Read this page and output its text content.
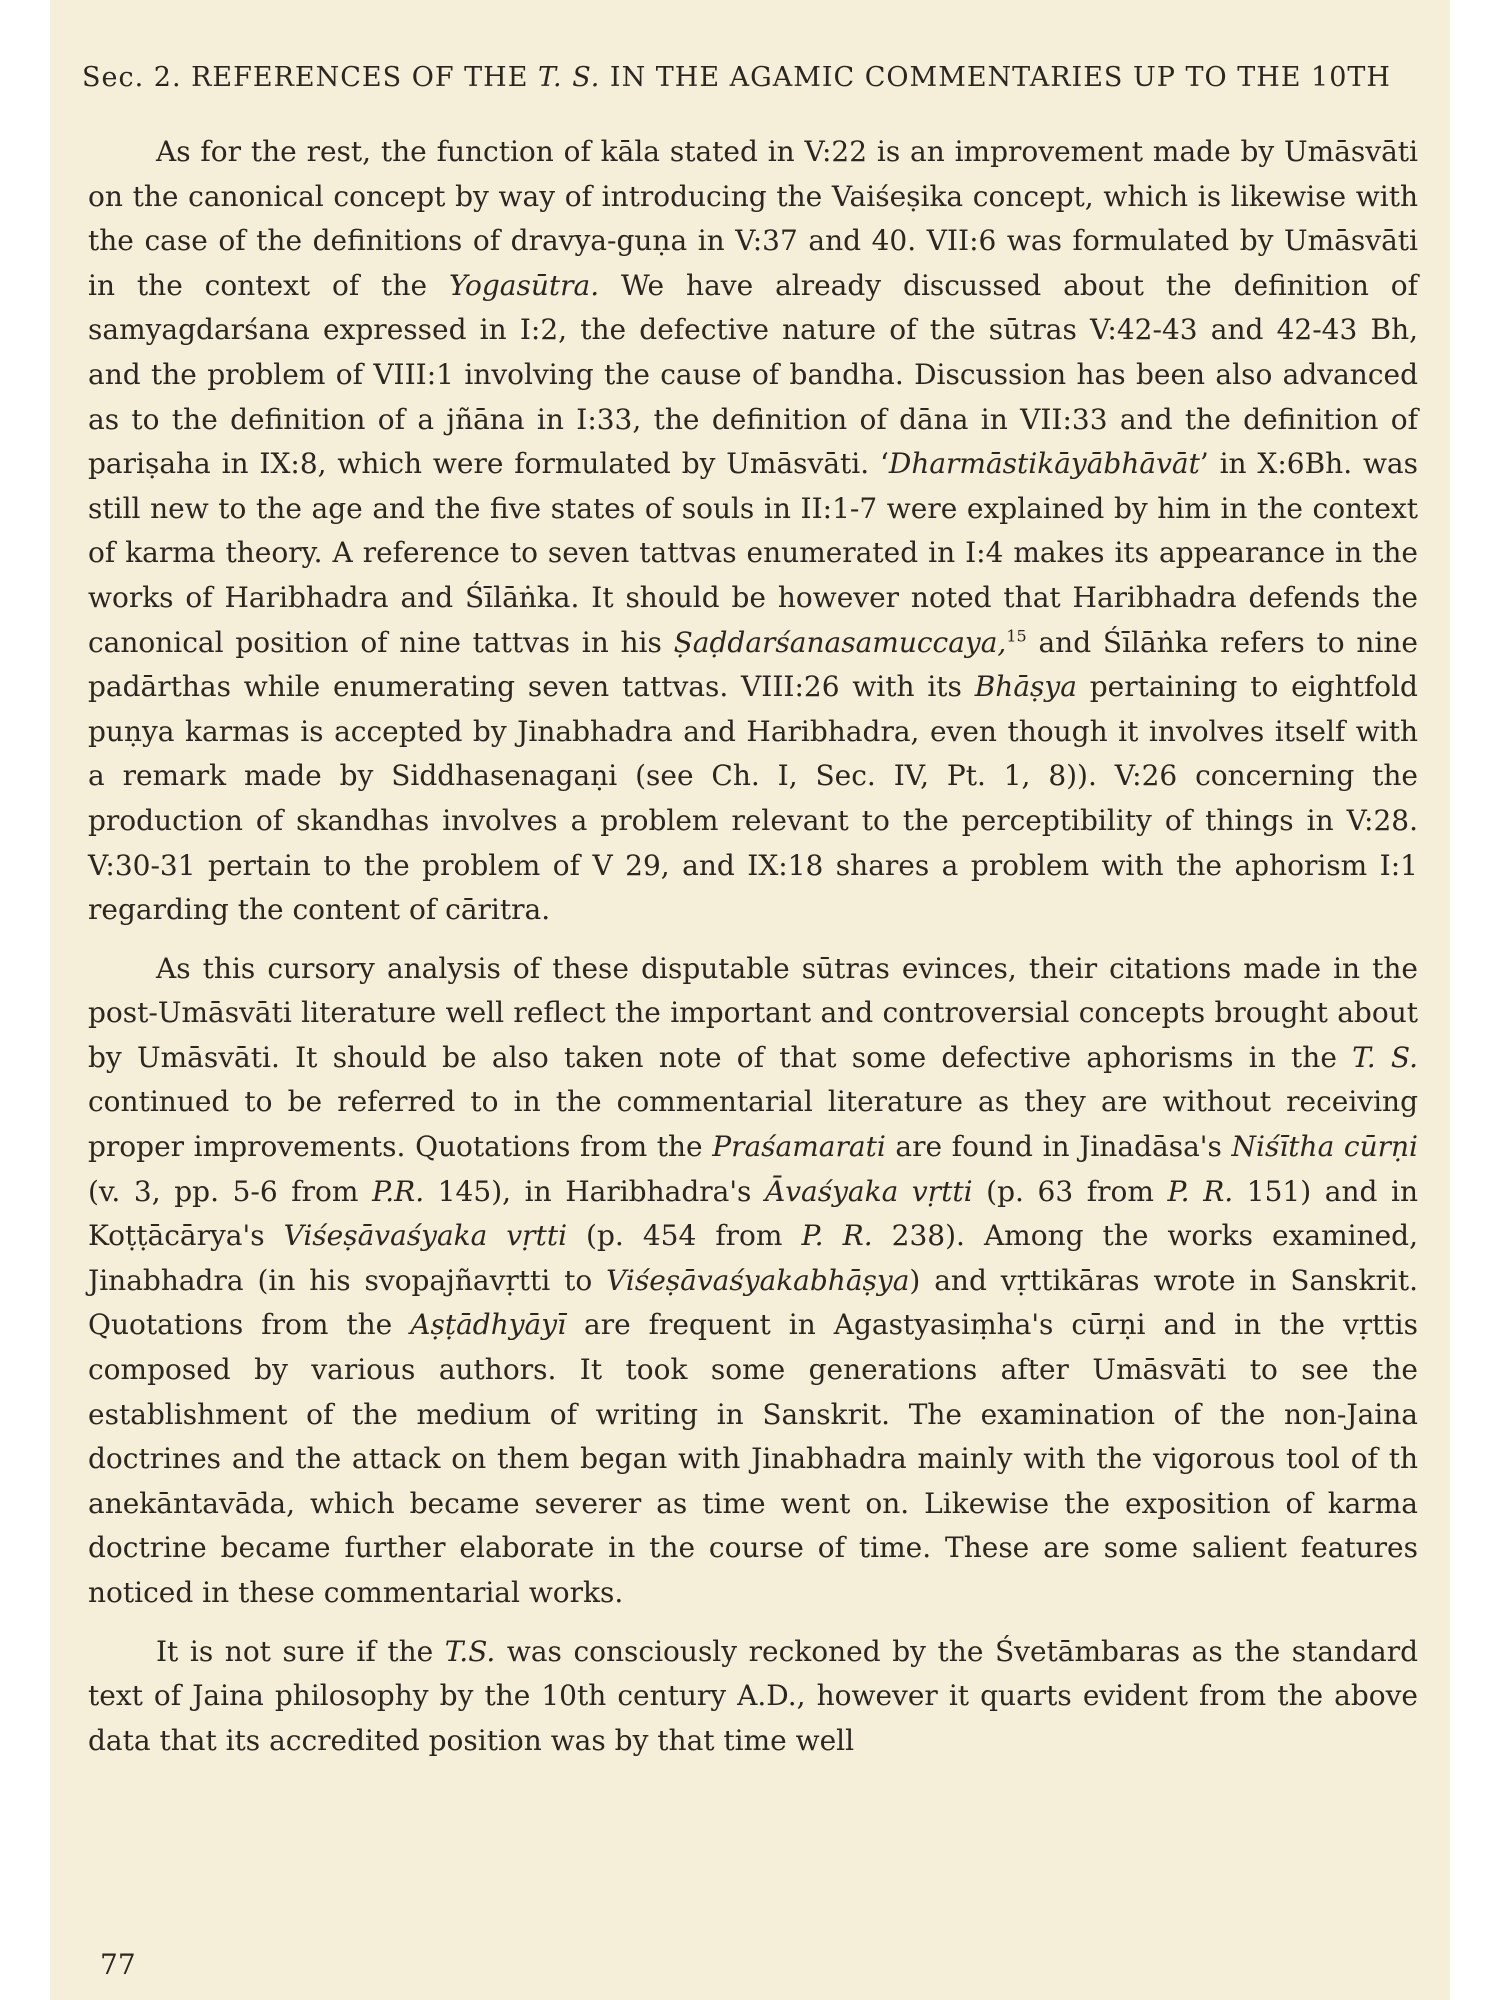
Sec. 2. REFERENCES OF THE T. S. IN THE AGAMIC COMMENTARIES UP TO THE 10TH

As for the rest, the function of kāla stated in V:22 is an improvement made by Umāsvāti on the canonical concept by way of introducing the Vaiśeṣika concept, which is likewise with the case of the definitions of dravya-guṇa in V:37 and 40. VII:6 was formulated by Umāsvāti in the context of the Yogasūtra. We have already discussed about the definition of samyagdarśana expressed in I:2, the defective nature of the sūtras V:42-43 and 42-43 Bh, and the problem of VIII:1 involving the cause of bandha. Discussion has been also advanced as to the definition of a jñāna in I:33, the definition of dāna in VII:33 and the definition of pariṣaha in IX:8, which were formulated by Umāsvāti. ‘Dharmāstikāyābhāvāt’ in X:6Bh. was still new to the age and the five states of souls in II:1-7 were explained by him in the context of karma theory. A reference to seven tattvas enumerated in I:4 makes its appearance in the works of Haribhadra and Śīlāṅka. It should be however noted that Haribhadra defends the canonical position of nine tattvas in his Ṣaḍdarśanasamuccaya,$^{15}$ and Śīlāṅka refers to nine padārthas while enumerating seven tattvas. VIII:26 with its Bhāṣya pertaining to eightfold puṇya karmas is accepted by Jinabhadra and Haribhadra, even though it involves itself with a remark made by Siddhasenagaṇi (see Ch. I, Sec. IV, Pt. 1, 8)). V:26 concerning the production of skandhas involves a problem relevant to the perceptibility of things in V:28. V:30-31 pertain to the problem of V 29, and IX:18 shares a problem with the aphorism I:1 regarding the content of cāritra.

As this cursory analysis of these disputable sūtras evinces, their citations made in the post-Umāsvāti literature well reflect the important and controversial concepts brought about by Umāsvāti. It should be also taken note of that some defective aphorisms in the T. S. continued to be referred to in the commentarial literature as they are without receiving proper improvements. Quotations from the Praśamarati are found in Jinadāsa's Niśītha cūrṇi (v. 3, pp. 5-6 from P.R. 145), in Haribhadra's Āvaśyaka vṛtti (p. 63 from P. R. 151) and in Koṭṭācārya's Viśeṣāvaśyaka vṛtti (p. 454 from P. R. 238). Among the works examined, Jinabhadra (in his svopajñavṛtti to Viśeṣāvaśyakabhāṣya) and vṛttikāras wrote in Sanskrit. Quotations from the Aṣṭādhyāyī are frequent in Agastyasiṃha's cūrṇi and in the vṛttis composed by various authors. It took some generations after Umāsvāti to see the establishment of the medium of writing in Sanskrit. The examination of the non-Jaina doctrines and the attack on them began with Jinabhadra mainly with the vigorous tool of th anekāntavāda, which became severer as time went on. Likewise the exposition of karma doctrine became further elaborate in the course of time. These are some salient features noticed in these commentarial works.

It is not sure if the T.S. was consciously reckoned by the Śvetāmbaras as the standard text of Jaina philosophy by the 10th century A.D., however it quarts evident from the above data that its accredited position was by that time well

77
